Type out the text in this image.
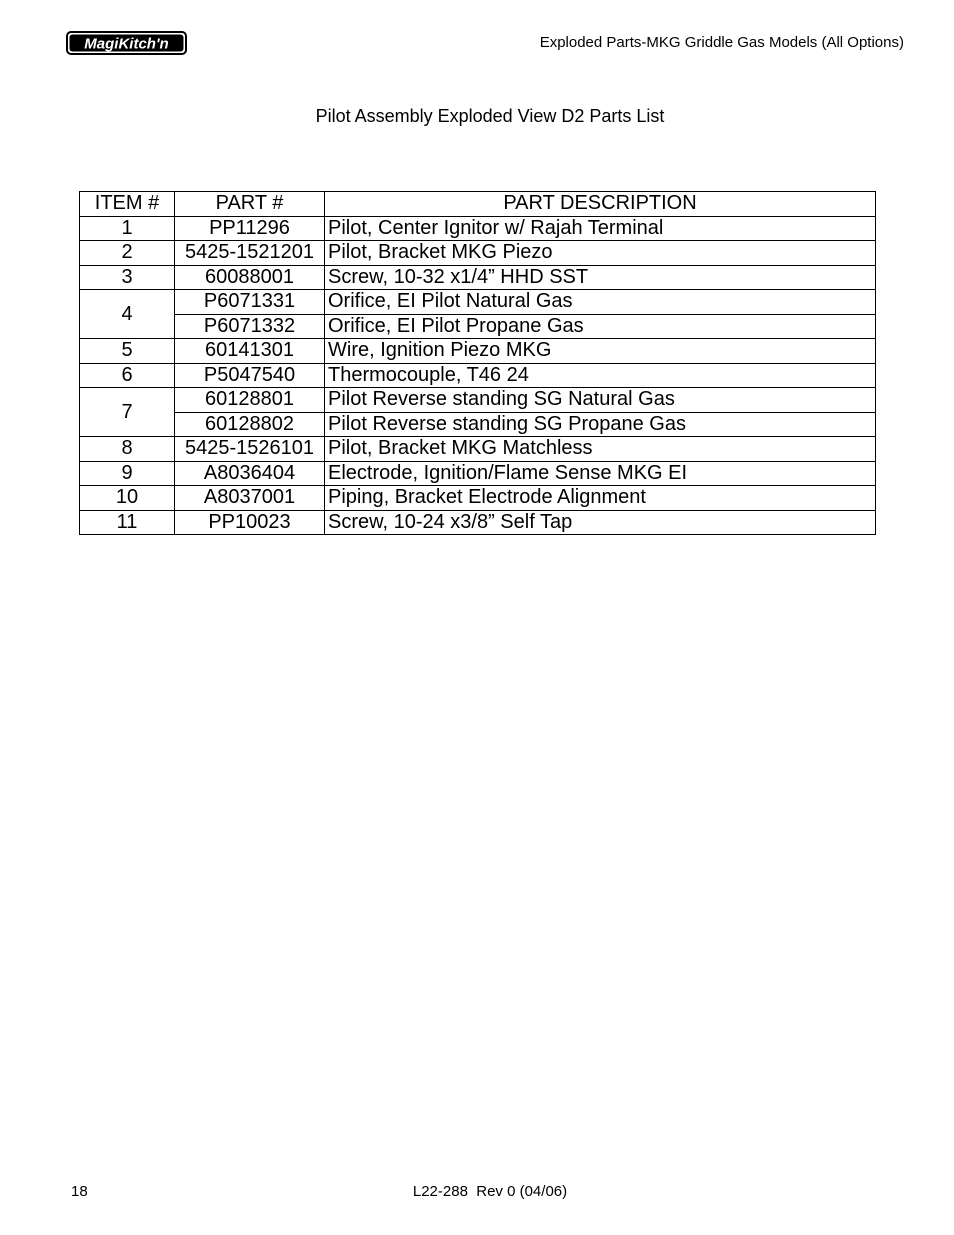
MagiKitch'n	Exploded Parts-MKG Griddle Gas Models (All Options)
Pilot Assembly Exploded View D2 Parts List
ITEM #	PART #	PART DESCRIPTION
1	PP11296	Pilot, Center Ignitor w/ Rajah Terminal
2	5425-1521201	Pilot, Bracket MKG Piezo
3	60088001	Screw, 10-32 x1/4” HHD SST
4	P6071331	Orifice, EI Pilot Natural Gas
	P6071332	Orifice, EI Pilot Propane Gas
5	60141301	Wire, Ignition Piezo MKG
6	P5047540	Thermocouple, T46 24
7	60128801	Pilot Reverse standing SG Natural Gas
	60128802	Pilot Reverse standing SG Propane Gas
8	5425-1526101	Pilot, Bracket MKG Matchless
9	A8036404	Electrode, Ignition/Flame Sense MKG EI
10	A8037001	Piping, Bracket Electrode Alignment
11	PP10023	Screw, 10-24 x3/8” Self Tap
18	L22-288  Rev 0 (04/06)
